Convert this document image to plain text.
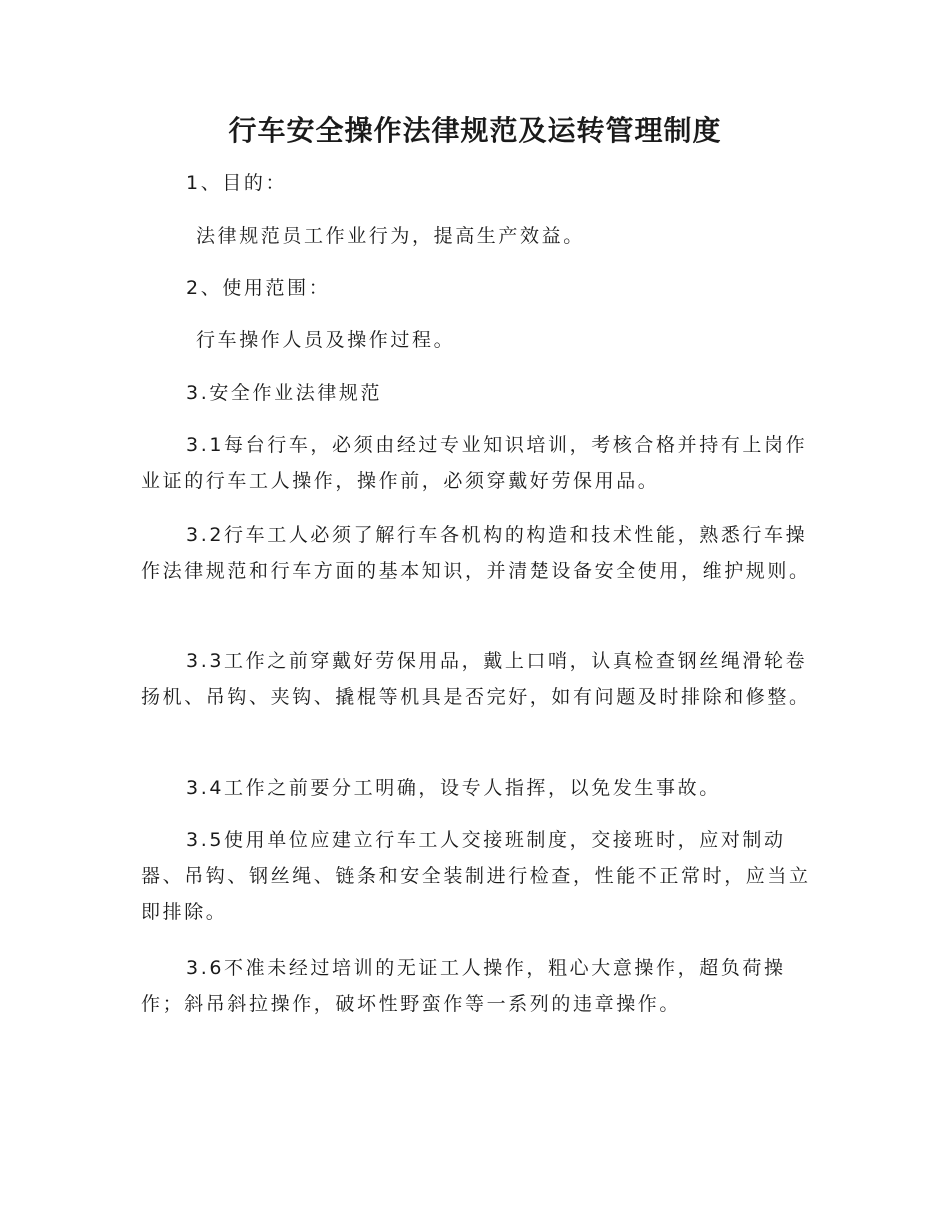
行车安全操作法律规范及运转管理制度

1、目的：

法律规范员工作业行为，提高生产效益。

2、使用范围：

行车操作人员及操作过程。

3.安全作业法律规范

3.1每台行车，必须由经过专业知识培训，考核合格并持有上岗作业证的行车工人操作，操作前，必须穿戴好劳保用品。

3.2行车工人必须了解行车各机构的构造和技术性能，熟悉行车操作法律规范和行车方面的基本知识，并清楚设备安全使用，维护规则。

3.3工作之前穿戴好劳保用品，戴上口哨，认真检查钢丝绳滑轮卷扬机、吊钩、夹钩、撬棍等机具是否完好，如有问题及时排除和修整。

3.4工作之前要分工明确，设专人指挥，以免发生事故。

3.5使用单位应建立行车工人交接班制度，交接班时，应对制动器、吊钩、钢丝绳、链条和安全装制进行检查，性能不正常时，应当立即排除。

3.6不准未经过培训的无证工人操作，粗心大意操作，超负荷操作；斜吊斜拉操作，破坏性野蛮作等一系列的违章操作。
